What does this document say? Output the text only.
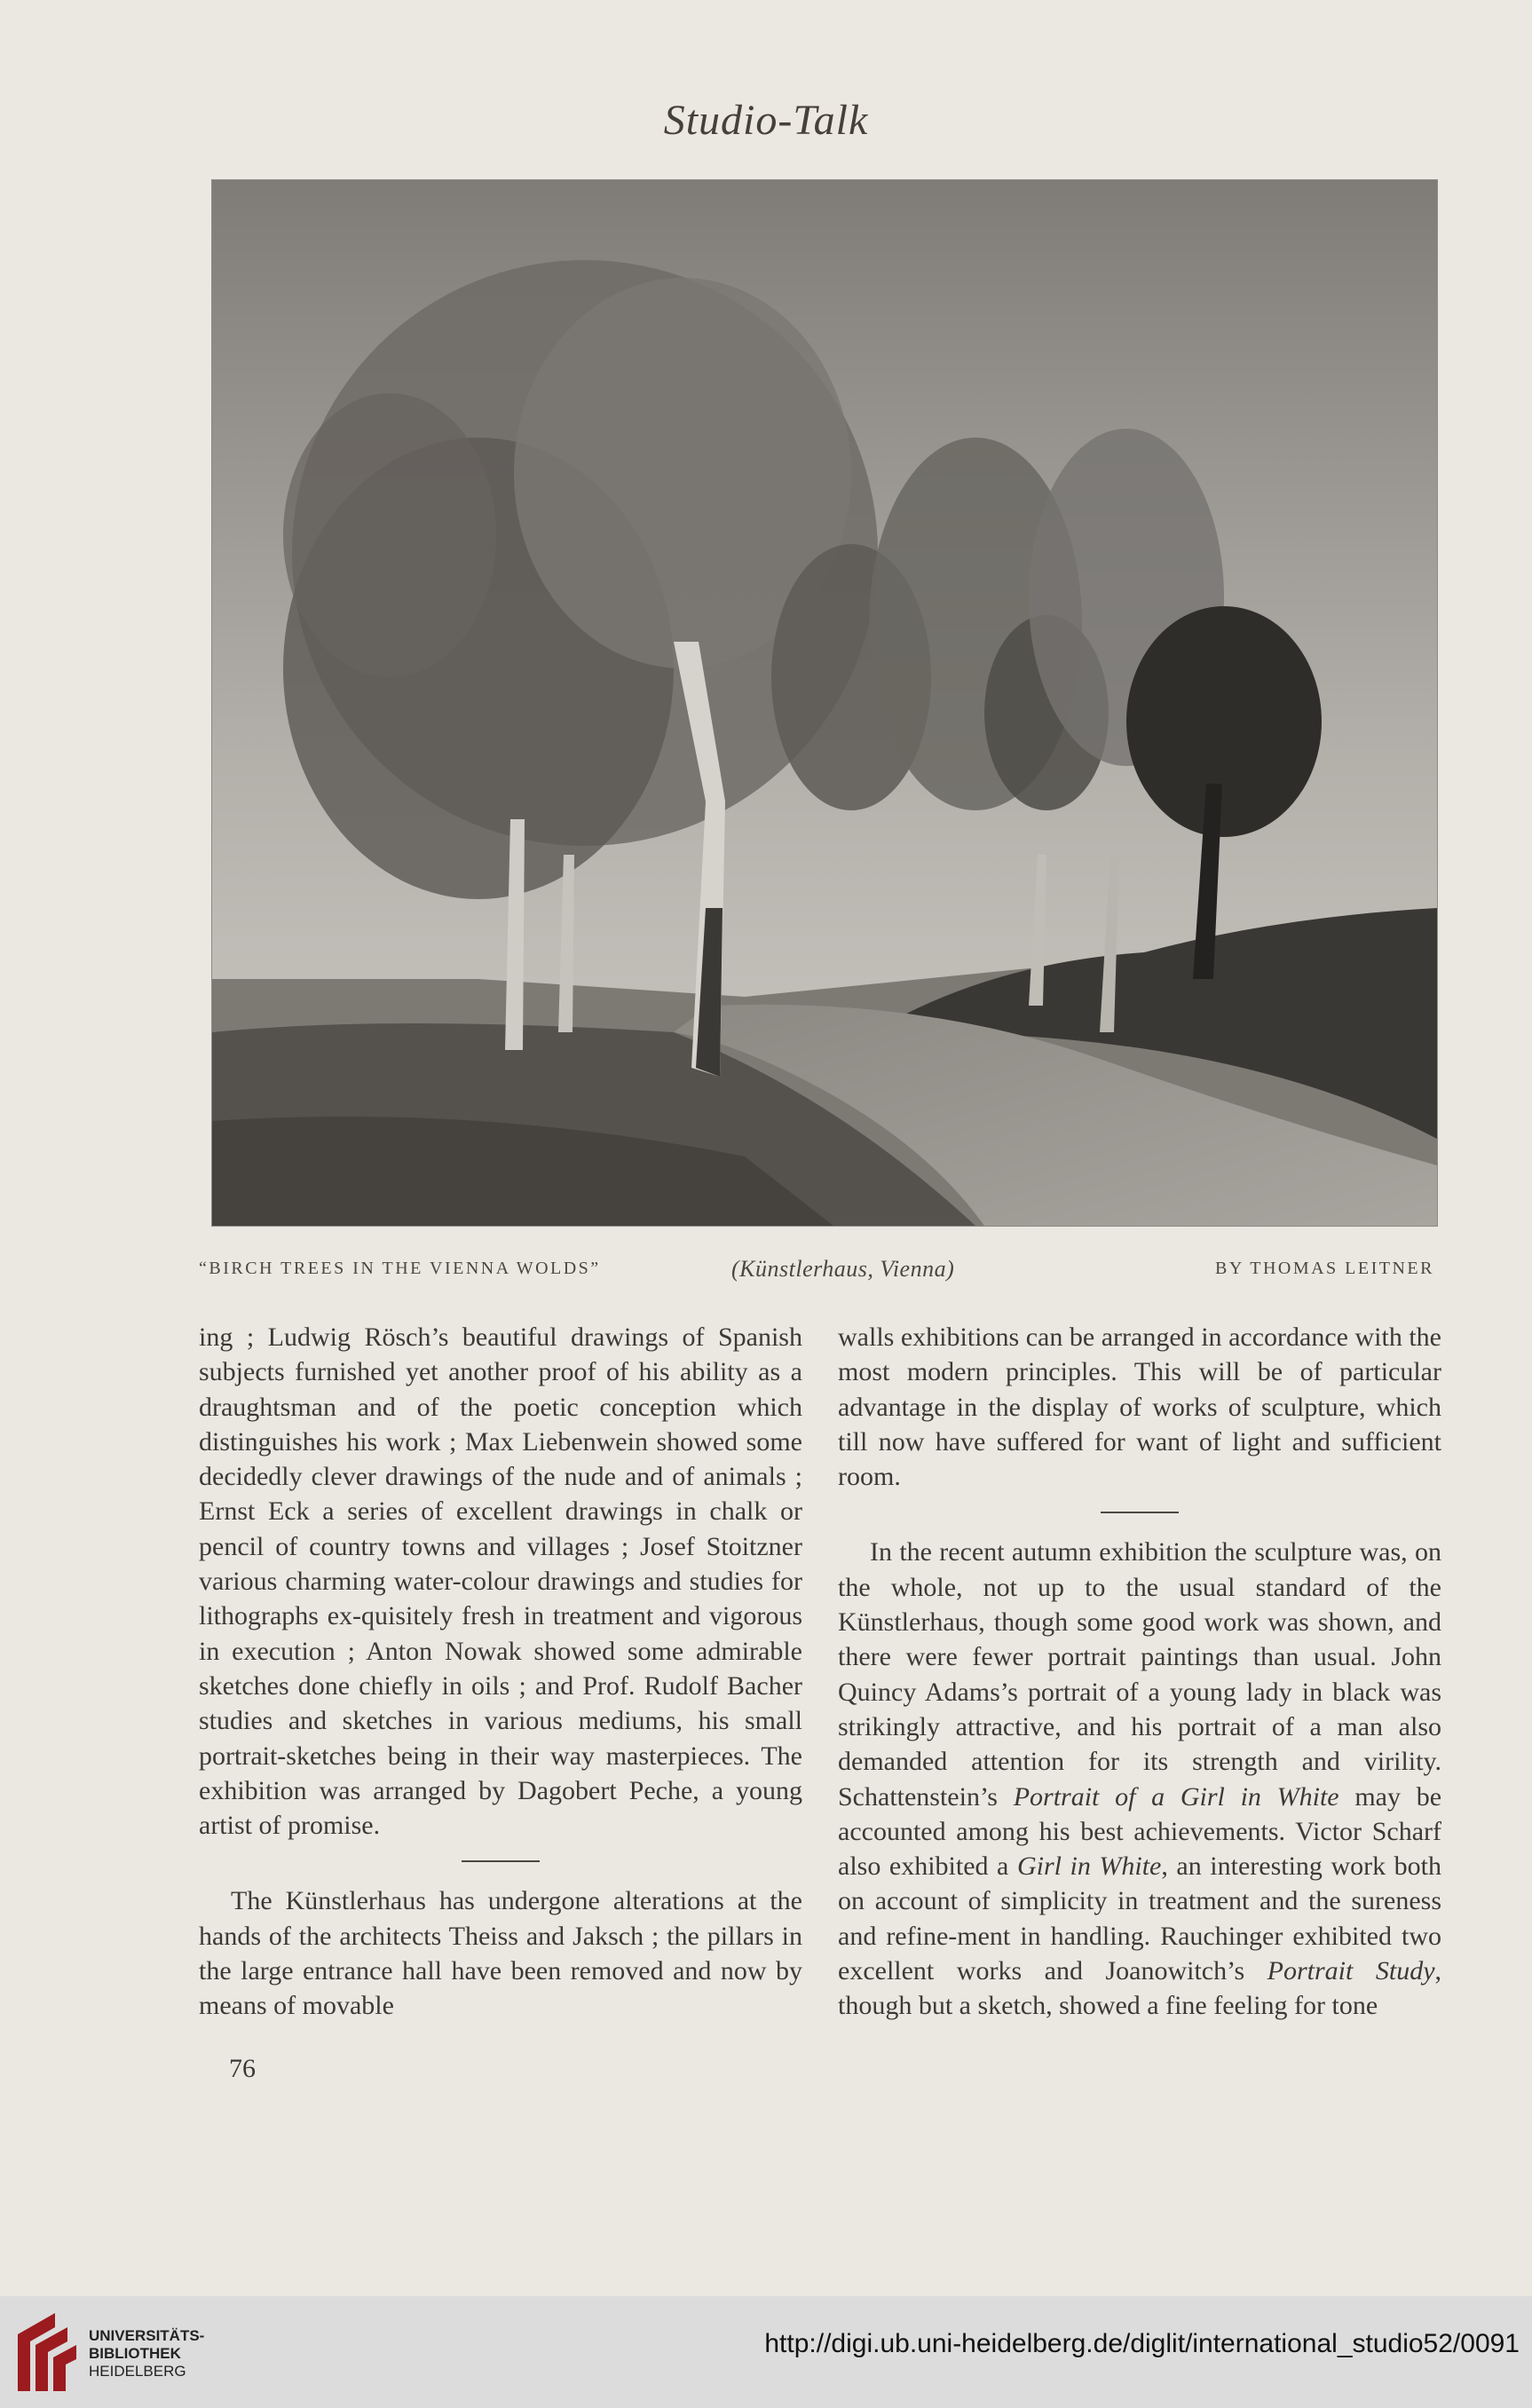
Studio-Talk
“BIRCH TREES IN THE VIENNA WOLDS”	(Künstlerhaus, Vienna)	BY THOMAS LEITNER

ing ; Ludwig Rösch’s beautiful drawings of Spanish subjects furnished yet another proof of his ability as a draughtsman and of the poetic conception which distinguishes his work ; Max Liebenwein showed some decidedly clever drawings of the nude and of animals ; Ernst Eck a series of excellent drawings in chalk or pencil of country towns and villages ; Josef Stoitzner various charming water-colour drawings and studies for lithographs ex-quisitely fresh in treatment and vigorous in execution ; Anton Nowak showed some admirable sketches done chiefly in oils ; and Prof. Rudolf Bacher studies and sketches in various mediums, his small portrait-sketches being in their way masterpieces. The exhibition was arranged by Dagobert Peche, a young artist of promise.

The Künstlerhaus has undergone alterations at the hands of the architects Theiss and Jaksch ; the pillars in the large entrance hall have been removed and now by means of movable

walls exhibitions can be arranged in accordance with the most modern principles. This will be of particular advantage in the display of works of sculpture, which till now have suffered for want of light and sufficient room.

In the recent autumn exhibition the sculpture was, on the whole, not up to the usual standard of the Künstlerhaus, though some good work was shown, and there were fewer portrait paintings than usual. John Quincy Adams’s portrait of a young lady in black was strikingly attractive, and his portrait of a man also demanded attention for its strength and virility. Schattenstein’s Portrait of a Girl in White may be accounted among his best achievements. Victor Scharf also exhibited a Girl in White, an interesting work both on account of simplicity in treatment and the sureness and refine-ment in handling. Rauchinger exhibited two excellent works and Joanowitch’s Portrait Study, though but a sketch, showed a fine feeling for tone

76
UNIVERSITÄTS-
BIBLIOTHEK
HEIDELBERG
http://digi.ub.uni-heidelberg.de/diglit/international_studio52/0091
